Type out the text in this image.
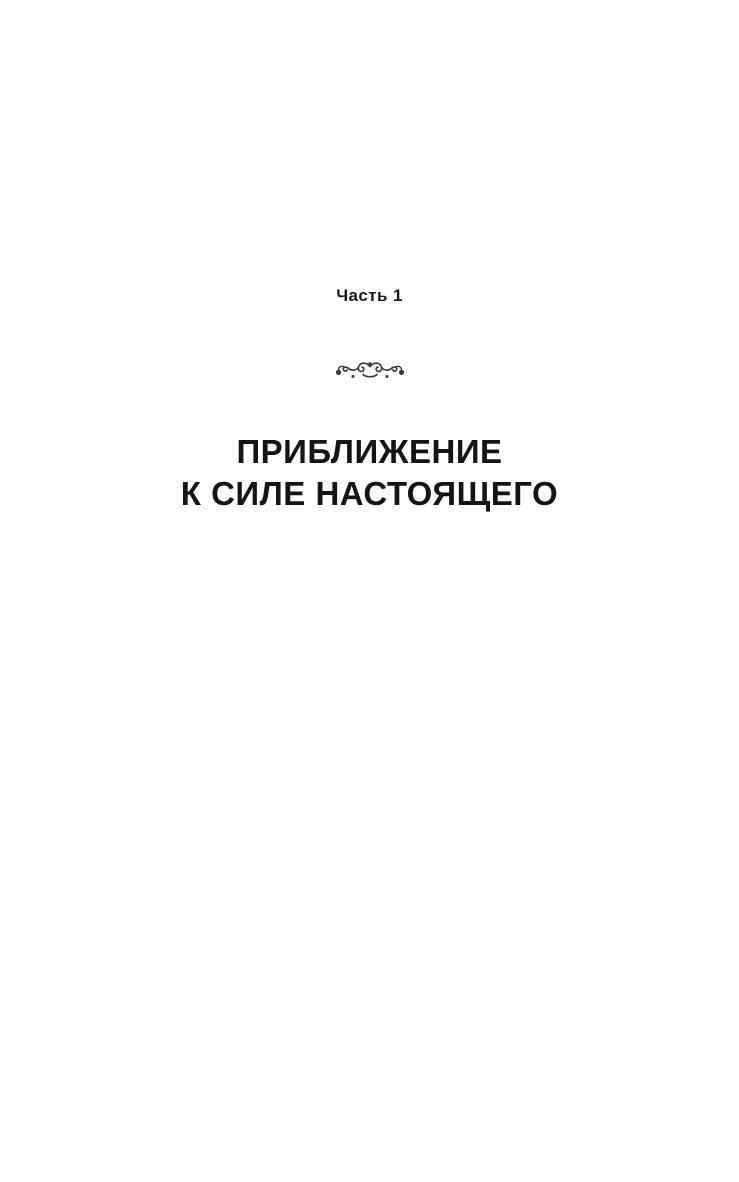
Часть 1
ПРИБЛИЖЕНИЕ
К СИЛЕ НАСТОЯЩЕГО
